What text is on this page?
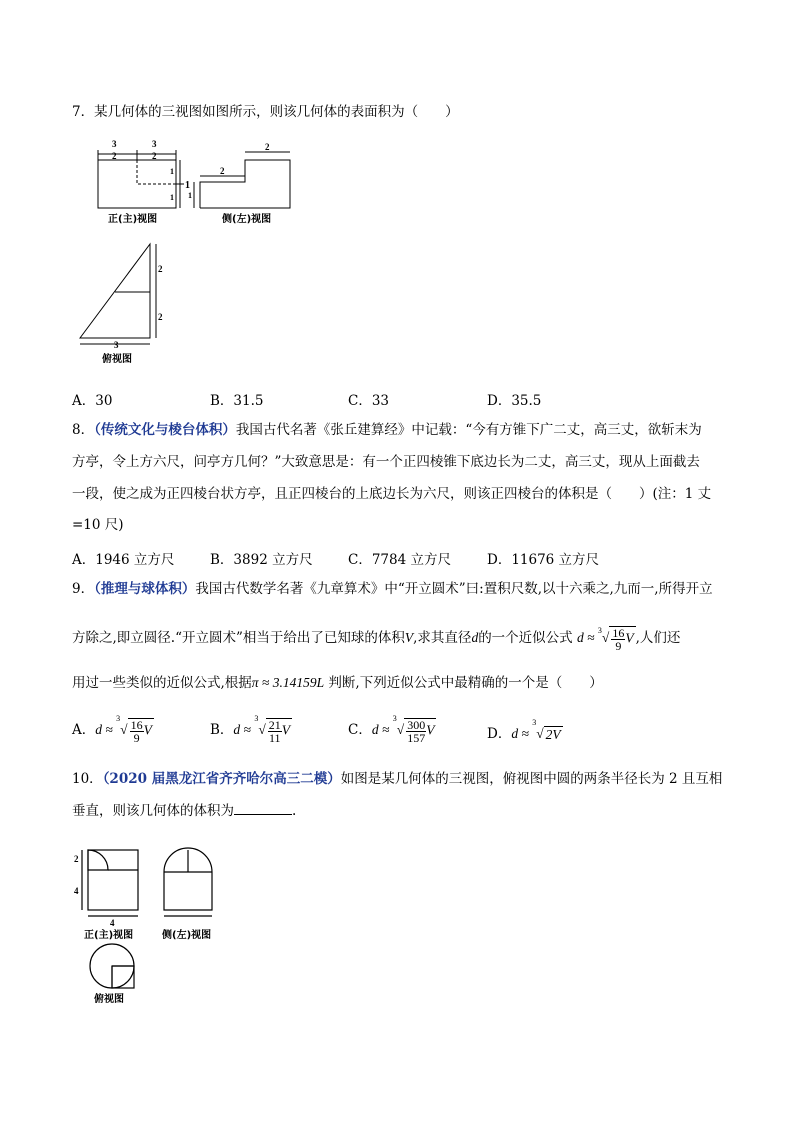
7．某几何体的三视图如图所示，则该几何体的表面积为（　　）
3
2
3
2
1
1
1
2
2
1
正(主)视图	侧(左)视图
2
2
3
俯视图
A．30	B．31.5	C．33	D．35.5
8．（传统文化与棱台体积）我国古代名著《张丘建算经》中记载：“今有方锥下广二丈，高三丈，欲斩末为
方亭，令上方六尺，问亭方几何？”大致意思是：有一个正四棱锥下底边长为二丈，高三丈，现从上面截去
一段，使之成为正四棱台状方亭，且正四棱台的上底边长为六尺，则该正四棱台的体积是（　　）(注：1 丈
=10 尺)
A．1946 立方尺	B．3892 立方尺	C．7784 立方尺	D．11676 立方尺
9．（推理与球体积）我国古代数学名著《九章算术》中“开立圆术”曰:置积尺数,以十六乘之,九而一,所得开立
方除之,即立圆径.“开立圆术”相当于给出了已知球的体积V,求其直径d的一个近似公式 $d \approx ^3√ \frac{16}{9}$ V ,人们还
用过一些类似的近似公式,根据π ≈ 3.14159L 判断,下列近似公式中最精确的一个是（　　）
A．$d \approx ^3√ \frac{16}{9}$ V	B．$d \approx ^3√ \frac{21}{11}$ V	C．$d \approx ^3√ \frac{300}{157}$ V	D．d ≈ $^3$√ 2V
10．（2020 届黑龙江省齐齐哈尔高三二模）如图是某几何体的三视图，俯视图中圆的两条半径长为 2 且互相
垂直，则该几何体的体积为	.
2
4
4
正(主)视图	侧(左)视图
俯视图
